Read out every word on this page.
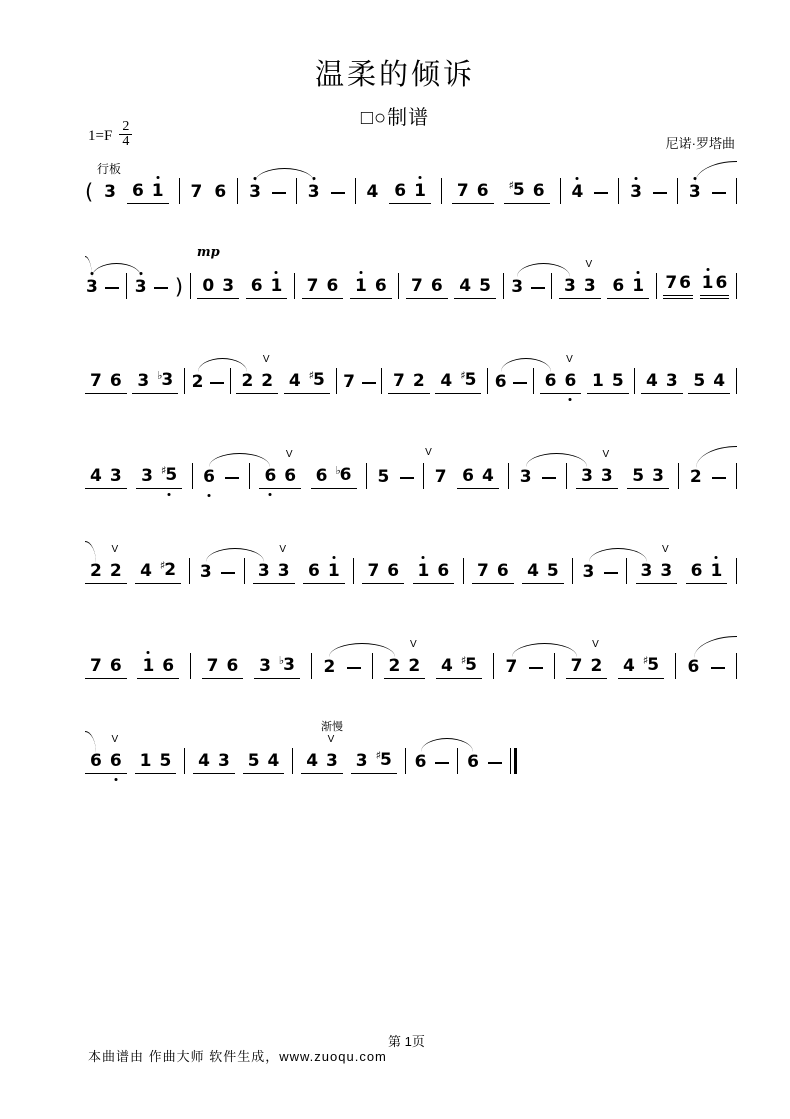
温柔的倾诉
□○制谱
$1=F \frac{2}{4}$
行板
尼诺·罗塔曲
( 3 6 1 7 6 3	3	4 6 1 7 6 ♯5 6 4	3	3
3 3 )
mp
0 3 6 1 7 6 1 6 7 6 4 5 3 3
V
3 6 1 7 6 1 6
7 6 3 ♭3 2 2
V
2 4 ♯5 7 7 2 4 ♯5 6 6
V
6 1 5 4 3 5 4
4 3 3 ♯5 6	6
V
6 6 ♭6 5
V
7 6 4 3	3
V
3 5 3 2
2
V
2 4 ♯2 3	3
V
3 6 1 7 6 1 6 7 6 4 5 3	3
V
3 6 1
7 6 1 6 7 6 3 ♭3 2	2
V
2 4 ♯5 7	7
V
2 4 ♯5 6
6
V
6 1 5 4 3 5 4 4
渐慢
V
3 3 ♯5 6 6
第 1页
本曲谱由 作曲大师 软件生成，www.zuoqu.com
